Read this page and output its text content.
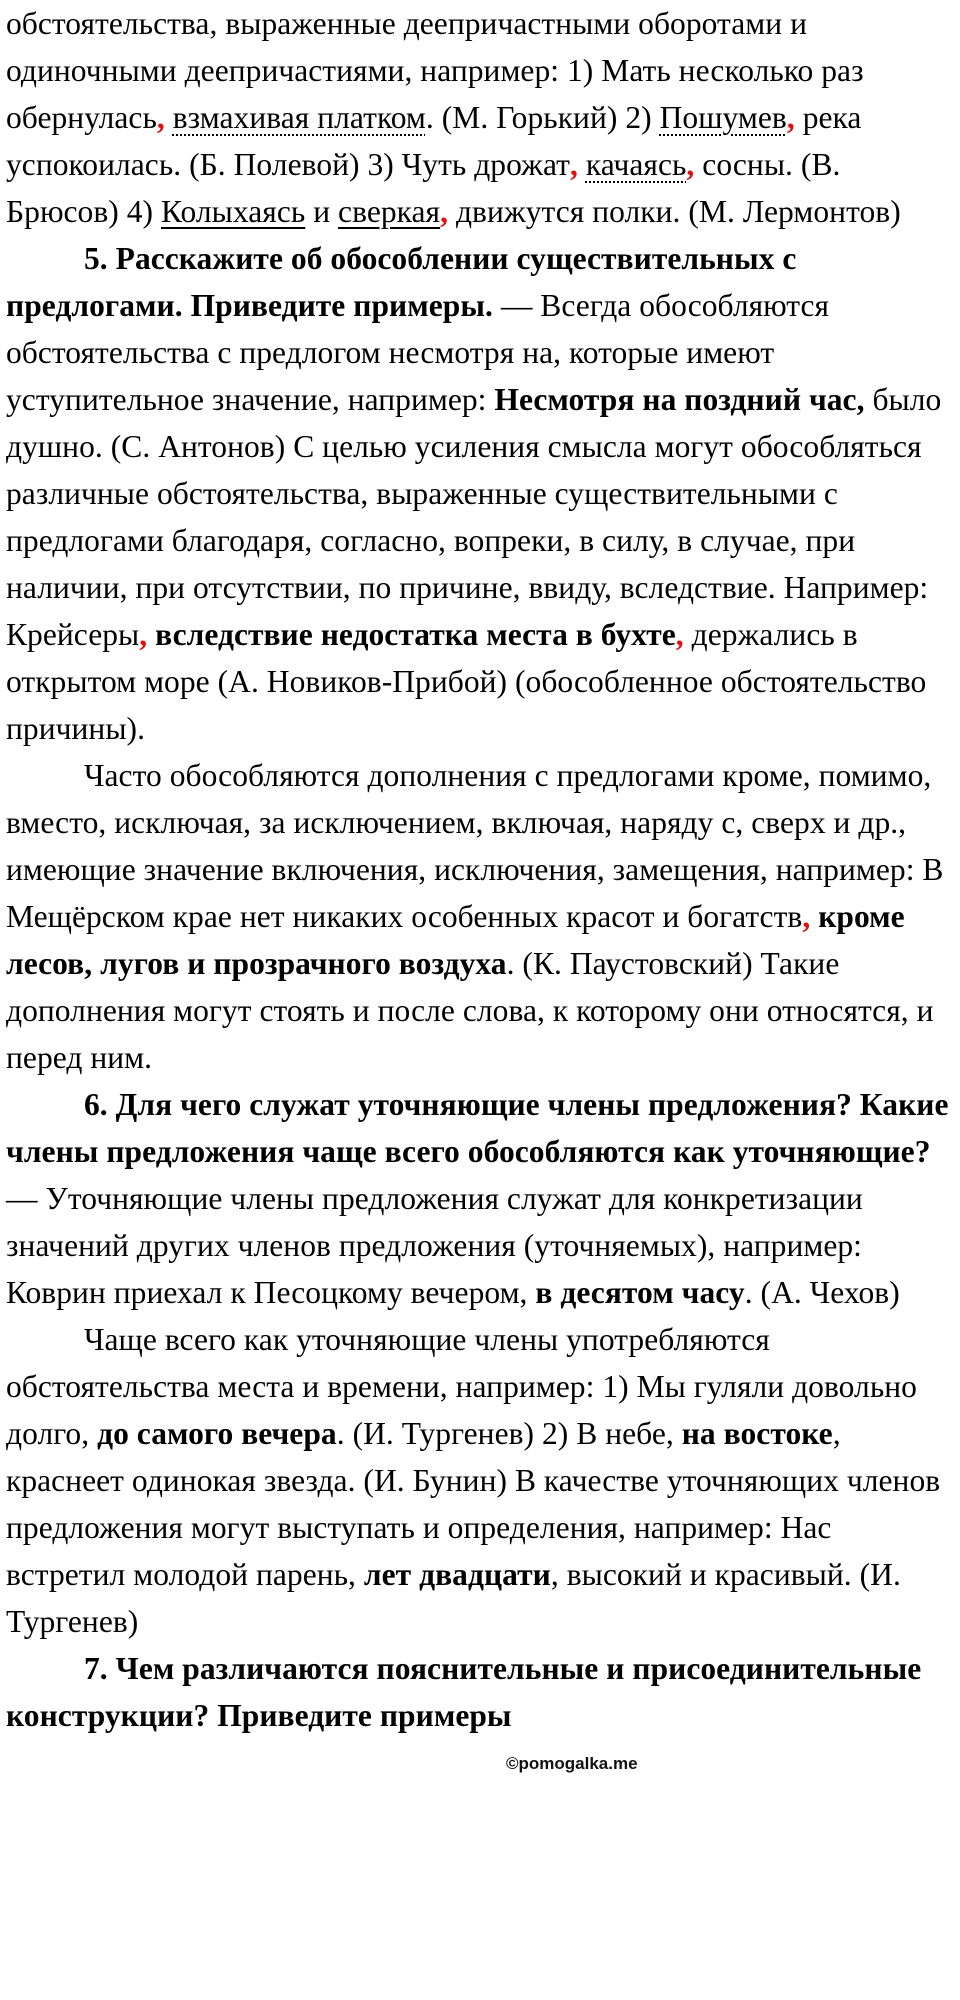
обстоятельства, выраженные деепричастными оборотами и одиночными деепричастиями, например: 1) Мать несколько раз обернулась, взмахивая платком. (М. Горький) 2) Пошумев, река успокоилась. (Б. Полевой) 3) Чуть дрожат, качаясь, сосны. (В. Брюсов) 4) Колыхаясь и сверкая, движутся полки. (М. Лермонтов)

5. Расскажите об обособлении существительных с предлогами. Приведите примеры. — Всегда обособляются обстоятельства с предлогом несмотря на, которые имеют уступительное значение, например: Несмотря на поздний час, было душно. (С. Антонов) С целью усиления смысла могут обособляться различные обстоятельства, выраженные существительными с предлогами благодаря, согласно, вопреки, в силу, в случае, при наличии, при отсутствии, по причине, ввиду, вследствие. Например: Крейсеры, вследствие недостатка места в бухте, держались в открытом море (А. Новиков-Прибой) (обособленное обстоятельство причины).

Часто обособляются дополнения с предлогами кроме, помимо, вместо, исключая, за исключением, включая, наряду с, сверх и др., имеющие значение включения, исключения, замещения, например: В Мещёрском крае нет никаких особенных красот и богатств, кроме лесов, лугов и прозрачного воздуха. (К. Паустовский) Такие дополнения могут стоять и после слова, к которому они относятся, и перед ним.

6. Для чего служат уточняющие члены предложения? Какие члены предложения чаще всего обособляются как уточняющие? — Уточняющие члены предложения служат для конкретизации значений других членов предложения (уточняемых), например: Коврин приехал к Песоцкому вечером, в десятом часу. (А. Чехов)

Чаще всего как уточняющие члены употребляются обстоятельства места и времени, например: 1) Мы гуляли довольно долго, до самого вечера. (И. Тургенев) 2) В небе, на востоке, краснеет одинокая звезда. (И. Бунин) В качестве уточняющих членов предложения могут выступать и определения, например: Нас встретил молодой парень, лет двадцати, высокий и красивый. (И. Тургенев)

7. Чем различаются пояснительные и присоединительные конструкции? Приведите примеры

©pomogalka.me
